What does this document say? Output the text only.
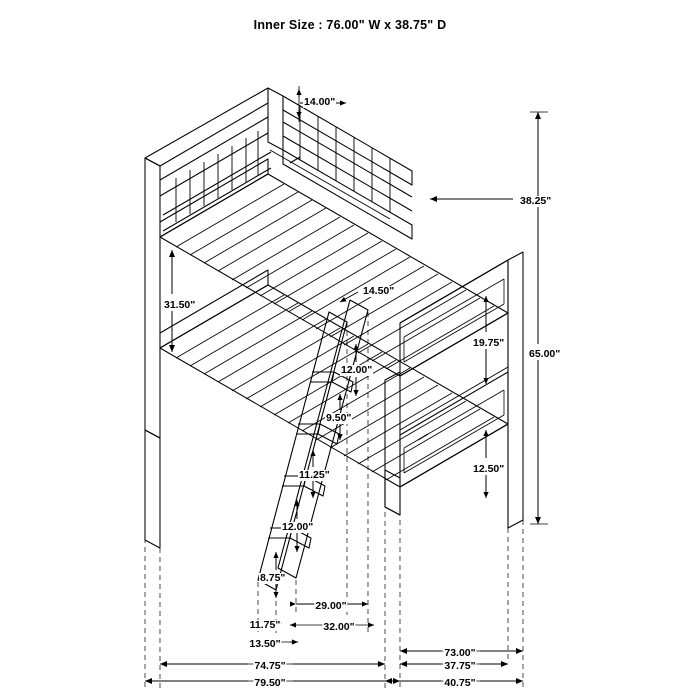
Inner Size : 76.00" W x 38.75" D
14.00"
38.25"
31.50"
14.50"
19.75"
65.00"
12.00"
9.50"
12.50"
11.25"
12.00"
8.75"
29.00"
11.75"	32.00"
13.50"
73.00"
74.75"	37.75"
79.50"	40.75"
